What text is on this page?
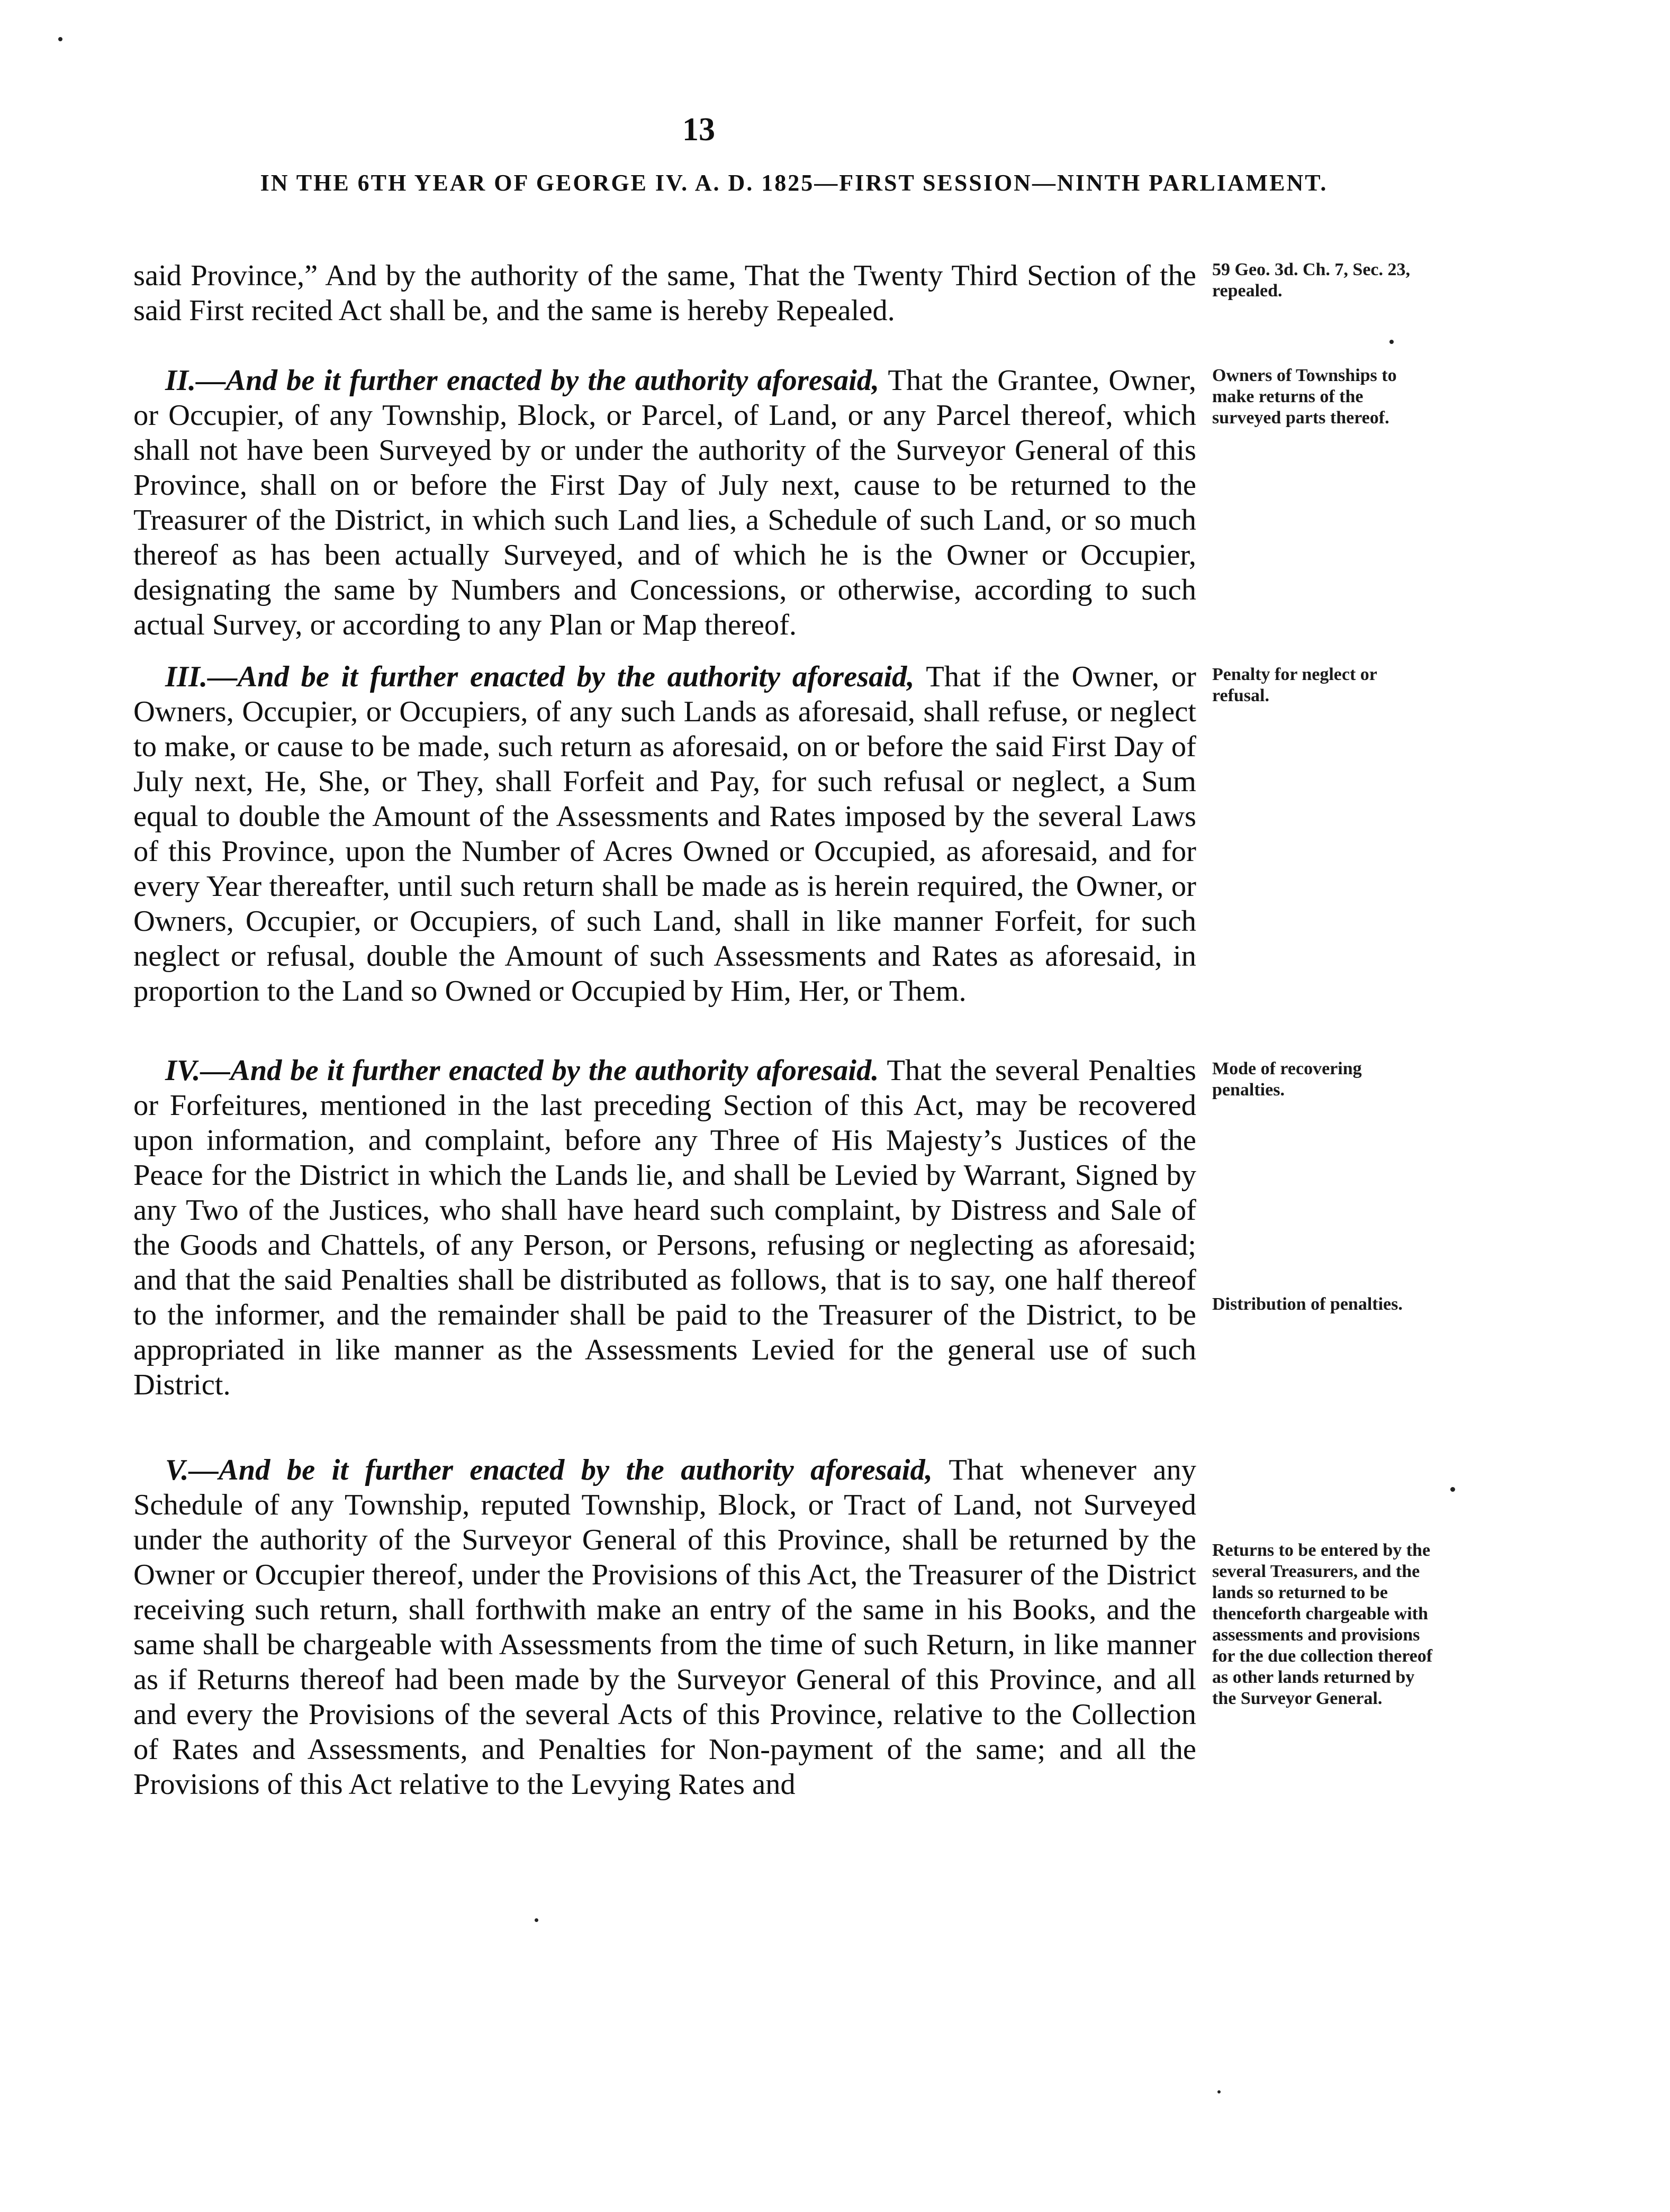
13
IN THE 6TH YEAR OF GEORGE IV. A. D. 1825—FIRST SESSION—NINTH PARLIAMENT.

said Province,” And by the authority of the same, That the Twenty Third Section of the said First recited Act shall be, and the same is hereby Repealed.

II.—And be it further enacted by the authority aforesaid, That the Grantee, Owner, or Occupier, of any Township, Block, or Parcel, of Land, or any Parcel thereof, which shall not have been Surveyed by or under the authority of the Surveyor General of this Province, shall on or before the First Day of July next, cause to be returned to the Treasurer of the District, in which such Land lies, a Schedule of such Land, or so much thereof as has been actually Surveyed, and of which he is the Owner or Occupier, designating the same by Numbers and Concessions, or otherwise, according to such actual Survey, or according to any Plan or Map thereof.

III.—And be it further enacted by the authority aforesaid, That if the Owner, or Owners, Occupier, or Occupiers, of any such Lands as aforesaid, shall refuse, or neglect to make, or cause to be made, such return as aforesaid, on or before the said First Day of July next, He, She, or They, shall Forfeit and Pay, for such refusal or neglect, a Sum equal to double the Amount of the Assessments and Rates imposed by the several Laws of this Province, upon the Number of Acres Owned or Occupied, as aforesaid, and for every Year thereafter, until such return shall be made as is herein required, the Owner, or Owners, Occupier, or Occupiers, of such Land, shall in like manner Forfeit, for such neglect or refusal, double the Amount of such Assessments and Rates as aforesaid, in proportion to the Land so Owned or Occupied by Him, Her, or Them.

IV.—And be it further enacted by the authority aforesaid. That the several Penalties or Forfeitures, mentioned in the last preceding Section of this Act, may be recovered upon information, and complaint, before any Three of His Majesty’s Justices of the Peace for the District in which the Lands lie, and shall be Levied by Warrant, Signed by any Two of the Justices, who shall have heard such complaint, by Distress and Sale of the Goods and Chattels, of any Person, or Persons, refusing or neglecting as aforesaid; and that the said Penalties shall be distributed as follows, that is to say, one half thereof to the informer, and the remainder shall be paid to the Treasurer of the District, to be appropriated in like manner as the Assessments Levied for the general use of such District.

V.—And be it further enacted by the authority aforesaid, That whenever any Schedule of any Township, reputed Township, Block, or Tract of Land, not Surveyed under the authority of the Surveyor General of this Province, shall be returned by the Owner or Occupier thereof, under the Provisions of this Act, the Treasurer of the District receiving such return, shall forthwith make an entry of the same in his Books, and the same shall be chargeable with Assessments from the time of such Return, in like manner as if Returns thereof had been made by the Surveyor General of this Province, and all and every the Provisions of the several Acts of this Province, relative to the Collection of Rates and Assessments, and Penalties for Non-payment of the same; and all the Provisions of this Act relative to the Levying Rates and

59 Geo. 3d. Ch. 7, Sec. 23, repealed.
Owners of Townships to make returns of the surveyed parts thereof.
Penalty for neglect or refusal.
Mode of recovering penalties.
Distribution of penalties.
Returns to be entered by the several Treasurers, and the lands so returned to be thenceforth chargeable with assessments and provisions for the due collection thereof as other lands returned by the Surveyor General.
